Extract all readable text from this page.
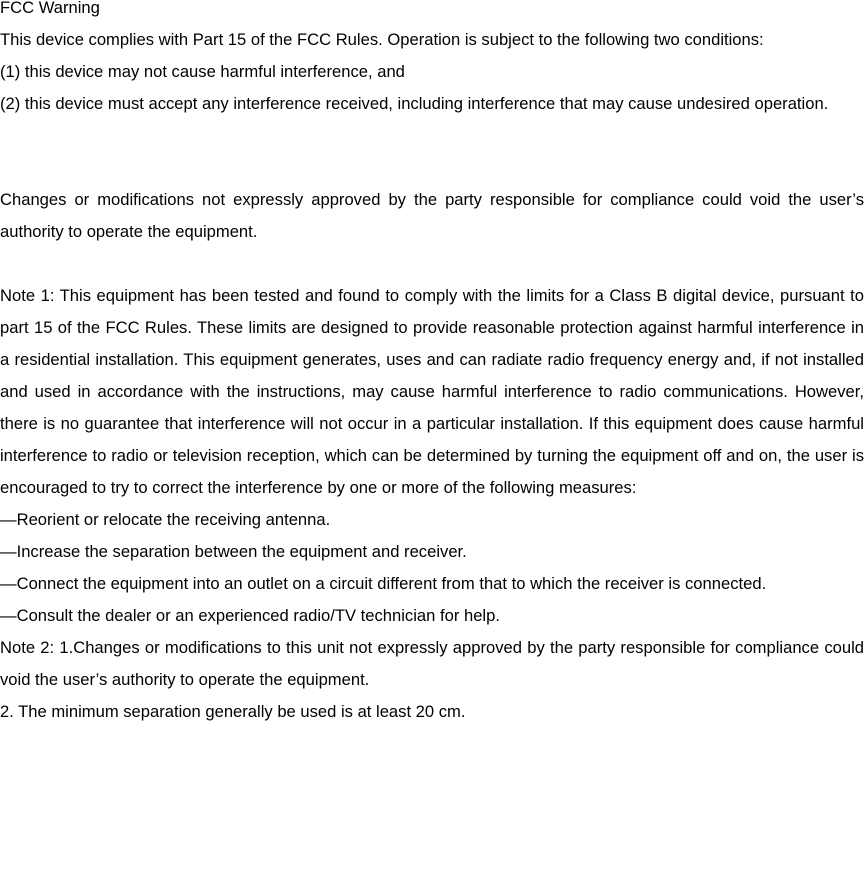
FCC Warning

This device complies with Part 15 of the FCC Rules. Operation is subject to the following two conditions:

(1) this device may not cause harmful interference, and

(2) this device must accept any interference received, including interference that may cause undesired operation.

Changes or modifications not expressly approved by the party responsible for compliance could void the user’s authority to operate the equipment.

Note 1: This equipment has been tested and found to comply with the limits for a Class B digital device, pursuant to part 15 of the FCC Rules. These limits are designed to provide reasonable protection against harmful interference in a residential installation. This equipment generates, uses and can radiate radio frequency energy and, if not installed and used in accordance with the instructions, may cause harmful interference to radio communications. However, there is no guarantee that interference will not occur in a particular installation. If this equipment does cause harmful interference to radio or television reception, which can be determined by turning the equipment off and on, the user is encouraged to try to correct the interference by one or more of the following measures:

—Reorient or relocate the receiving antenna.

—Increase the separation between the equipment and receiver.

—Connect the equipment into an outlet on a circuit different from that to which the receiver is connected.

—Consult the dealer or an experienced radio/TV technician for help.

Note 2: 1.Changes or modifications to this unit not expressly approved by the party responsible for compliance could void the user’s authority to operate the equipment.

2. The minimum separation generally be used is at least 20 cm.
